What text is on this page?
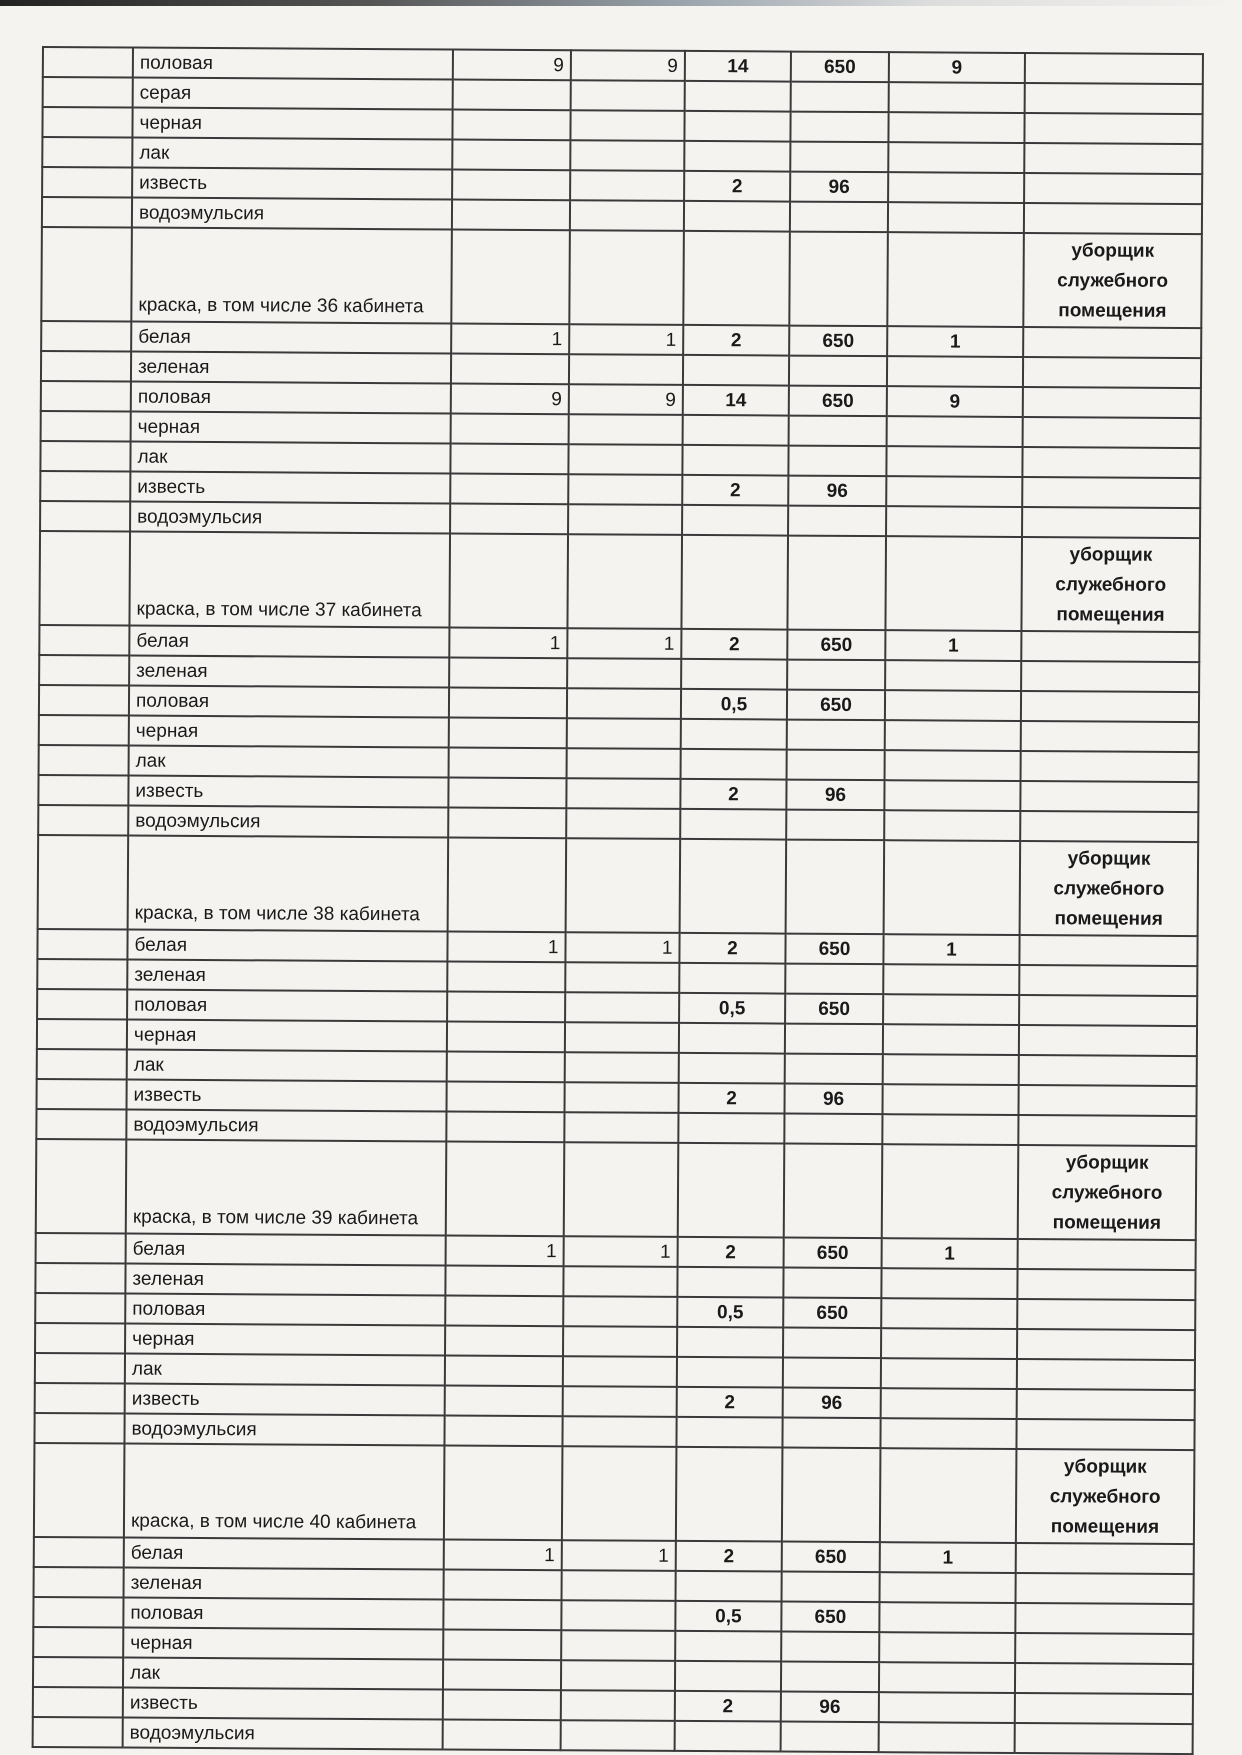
	половая	9	9	14	650	9	
	серая						
	черная						
	лак						
	известь			2	96		
	водоэмульсия						
	краска, в том числе 36 кабинета						уборщик служебного помещения
	белая	1	1	2	650	1	
	зеленая						
	половая	9	9	14	650	9	
	черная						
	лак						
	известь			2	96		
	водоэмульсия						
	краска, в том числе 37 кабинета						уборщик служебного помещения
	белая	1	1	2	650	1	
	зеленая						
	половая			0,5	650		
	черная						
	лак						
	известь			2	96		
	водоэмульсия						
	краска, в том числе 38 кабинета						уборщик служебного помещения
	белая	1	1	2	650	1	
	зеленая						
	половая			0,5	650		
	черная						
	лак						
	известь			2	96		
	водоэмульсия						
	краска, в том числе 39 кабинета						уборщик служебного помещения
	белая	1	1	2	650	1	
	зеленая						
	половая			0,5	650		
	черная						
	лак						
	известь			2	96		
	водоэмульсия						
	краска, в том числе 40 кабинета						уборщик служебного помещения
	белая	1	1	2	650	1	
	зеленая						
	половая			0,5	650		
	черная						
	лак						
	известь			2	96		
	водоэмульсия						
